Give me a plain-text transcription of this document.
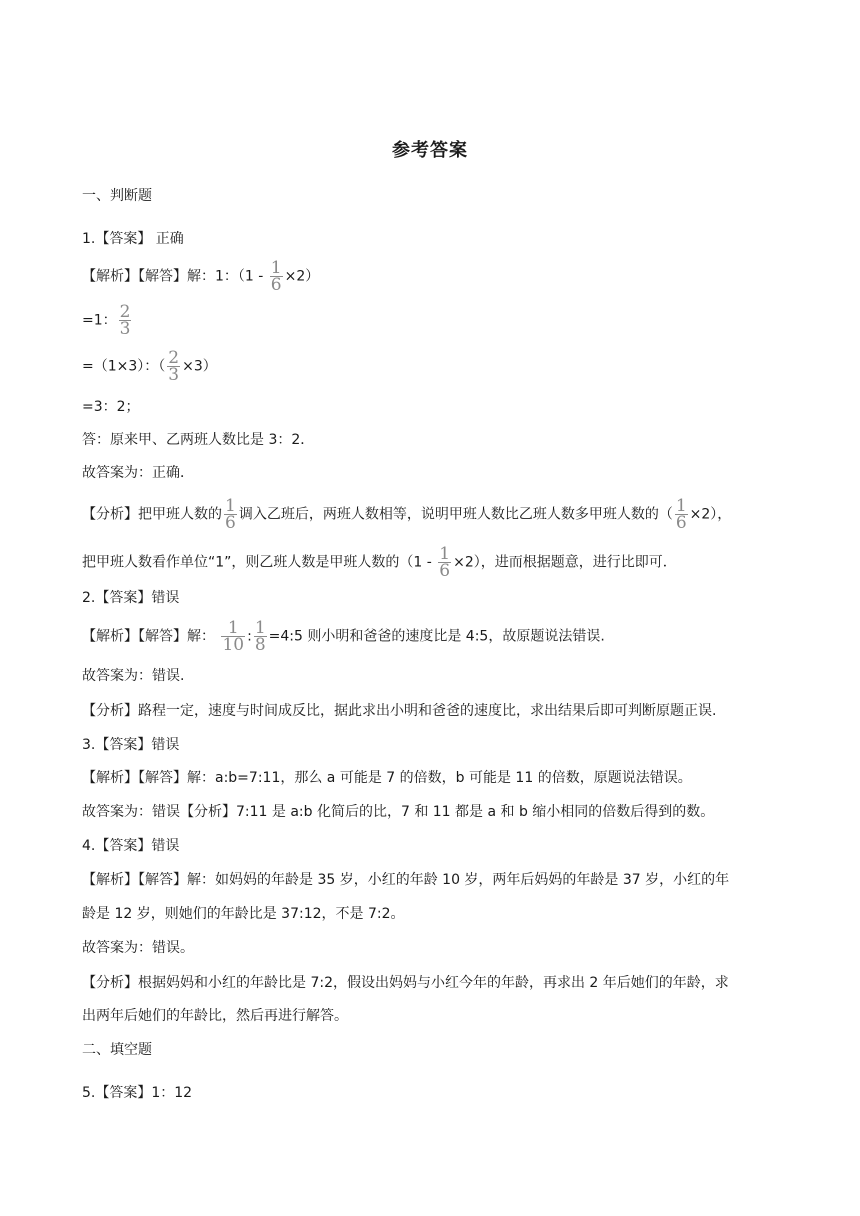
参考答案
一、判断题
1.【答案】 正确
【解析】【解答】解：1：$(1 - \frac{1}{6} \times 2)$
=1： $\frac{2}{3}$
=（1×3）：（ $\frac{2}{3} \times 3$）
=3：2；
答：原来甲、乙两班人数比是 3：2．
故答案为：正确．
【分析】把甲班人数的 $\frac{1}{6}$ 调入乙班后，两班人数相等，说明甲班人数比乙班人数多甲班人数的（ $\frac{1}{6} \times 2$），
把甲班人数看作单位“1”，则乙班人数是甲班人数的$(1 - \frac{1}{6} \times 2)$，进而根据题意，进行比即可．
2.【答案】错误
【解析】【解答】解： $\frac{1}{10}$ : $\frac{1}{8}$ =4:5 则小明和爸爸的速度比是 4:5，故原题说法错误.
故答案为：错误.
【分析】路程一定，速度与时间成反比，据此求出小明和爸爸的速度比，求出结果后即可判断原题正误.
3.【答案】错误
【解析】【解答】解：a:b=7:11，那么 a 可能是 7 的倍数，b 可能是 11 的倍数，原题说法错误。
故答案为：错误【分析】7:11 是 a:b 化简后的比，7 和 11 都是 a 和 b 缩小相同的倍数后得到的数。
4.【答案】错误
【解析】【解答】解：如妈妈的年龄是 35 岁，小红的年龄 10 岁，两年后妈妈的年龄是 37 岁，小红的年
龄是 12 岁，则她们的年龄比是 37:12，不是 7:2。
故答案为：错误。
【分析】根据妈妈和小红的年龄比是 7:2，假设出妈妈与小红今年的年龄，再求出 2 年后她们的年龄，求
出两年后她们的年龄比，然后再进行解答。
二、填空题
5.【答案】1：12
